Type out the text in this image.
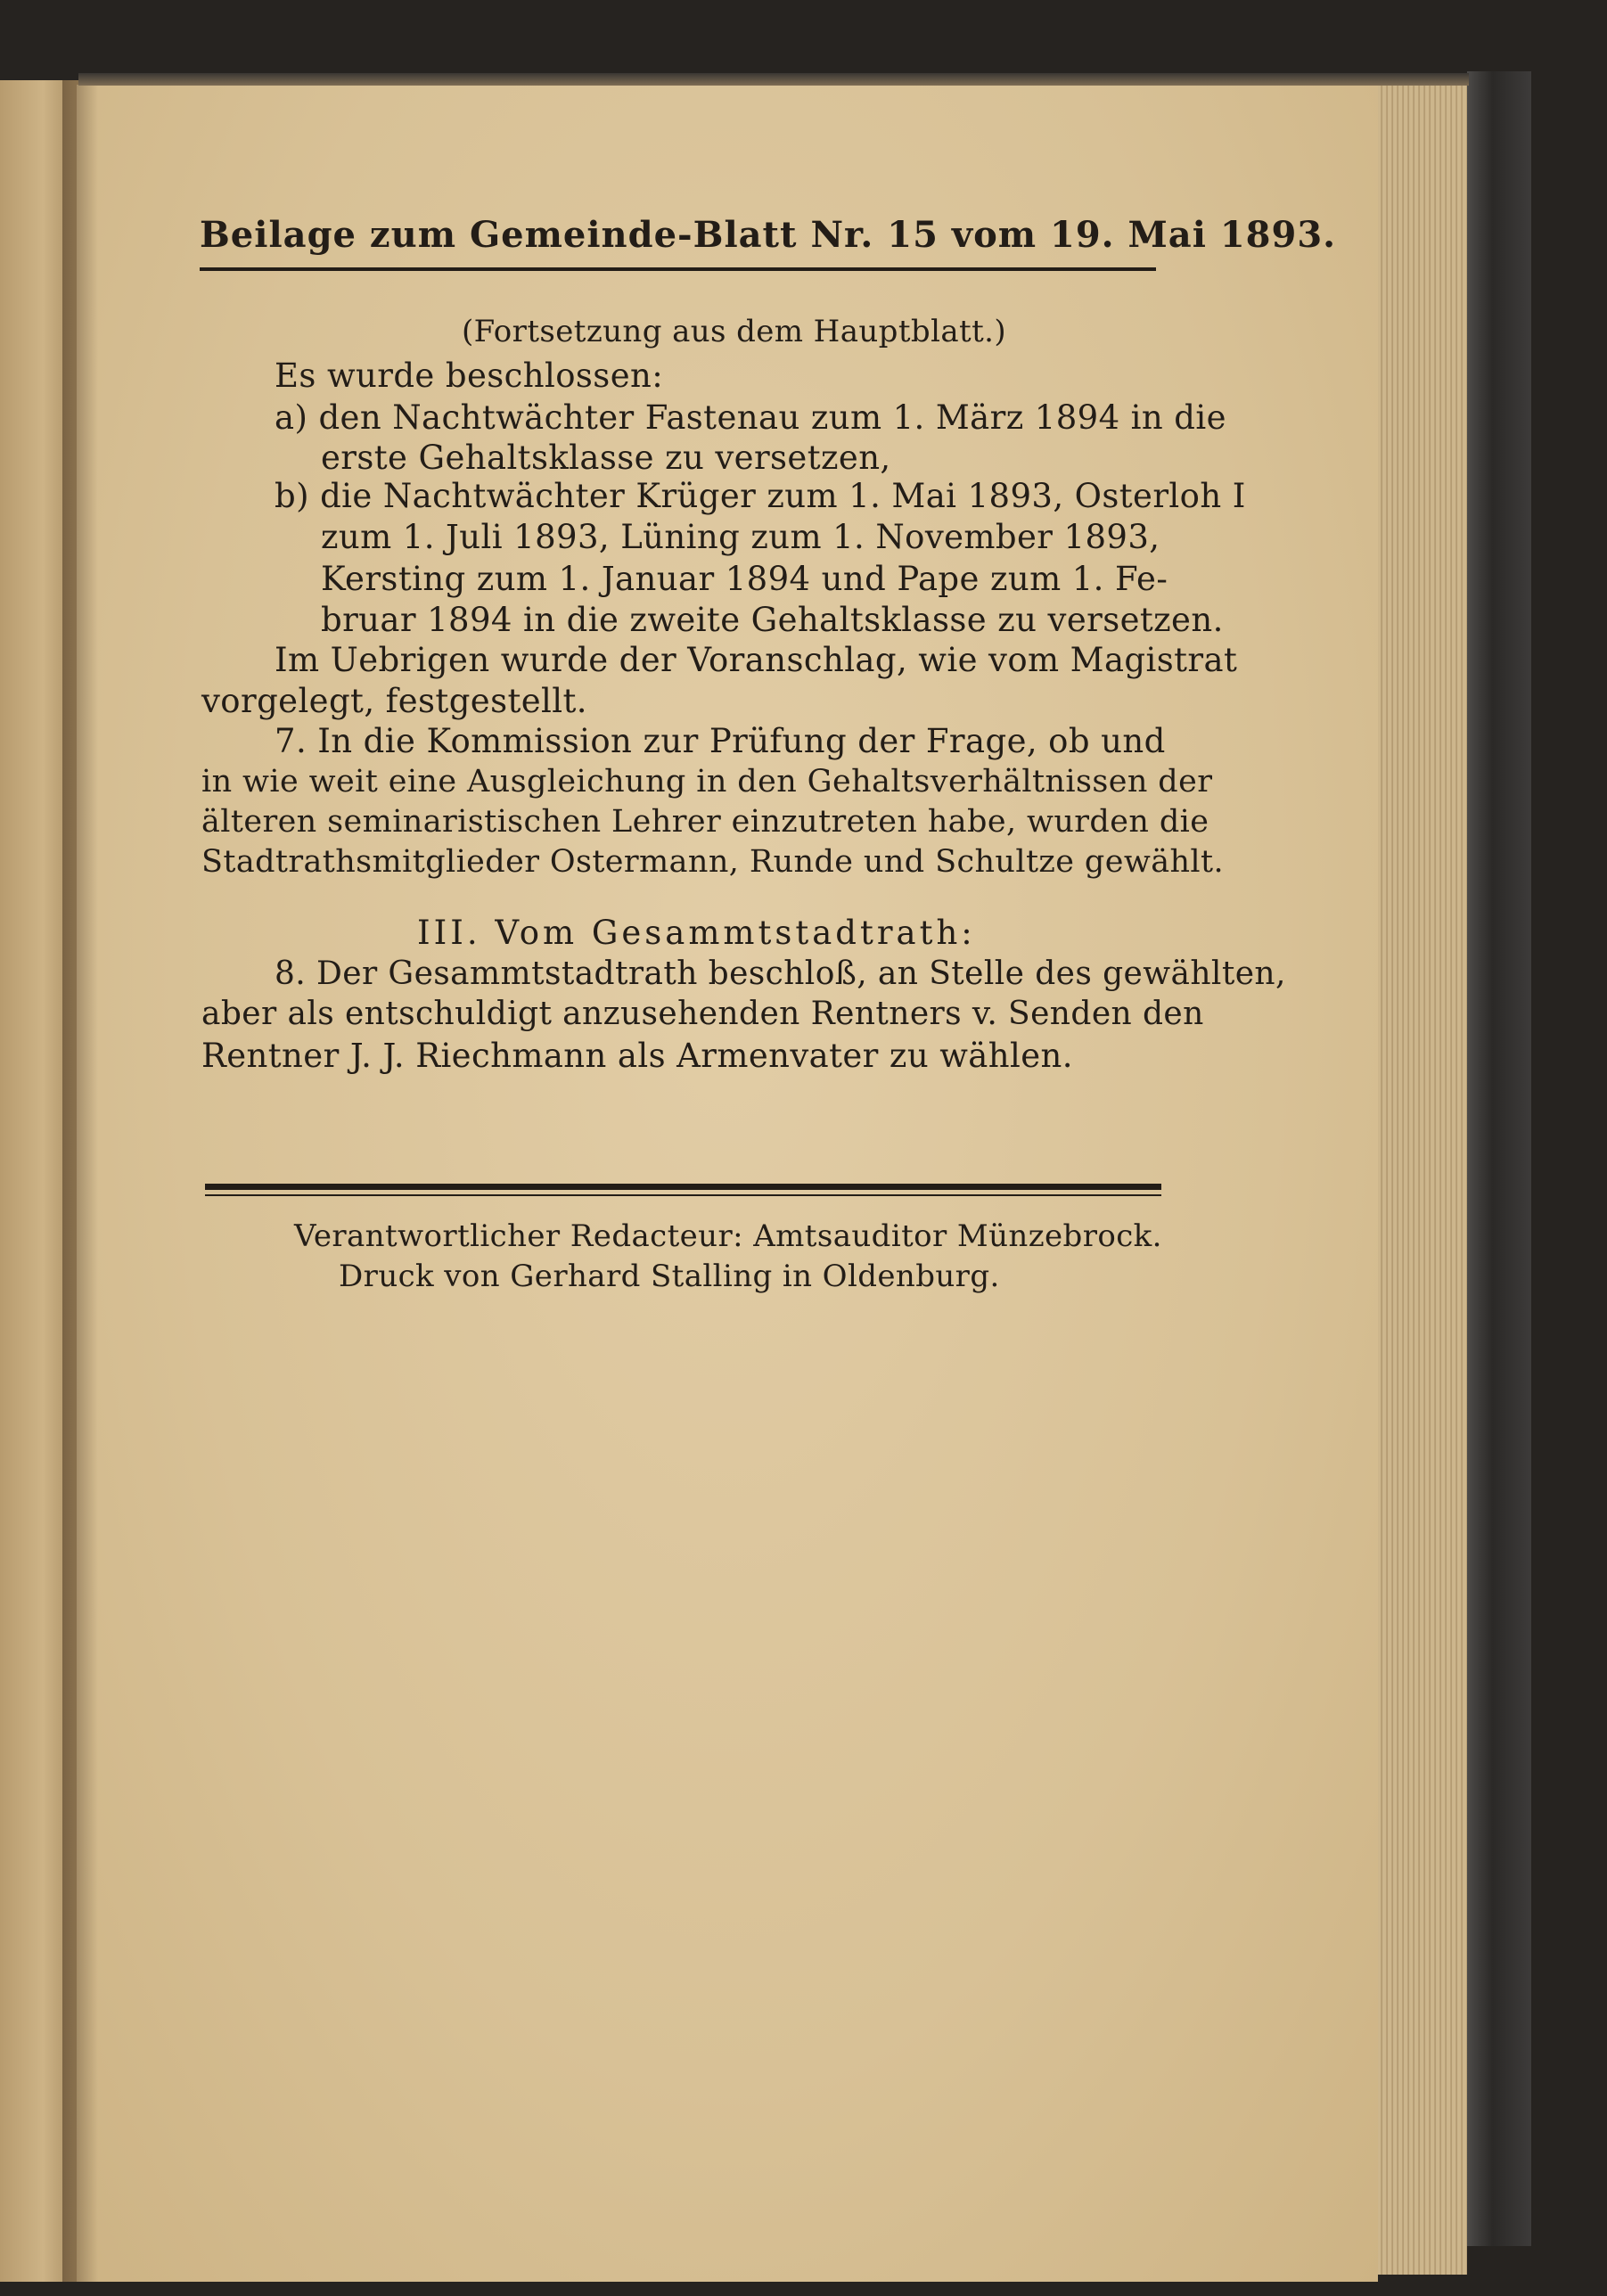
Beilage zum Gemeinde-Blatt Nr. 15 vom 19. Mai 1893.
(Fortsetzung aus dem Hauptblatt.)
Es wurde beschlossen:
a) den Nachtwächter Fastenau zum 1. März 1894 in die
erste Gehaltsklasse zu versetzen,
b) die Nachtwächter Krüger zum 1. Mai 1893, Osterloh I
zum 1. Juli 1893, Lüning zum 1. November 1893,
Kersting zum 1. Januar 1894 und Pape zum 1. Fe-
bruar 1894 in die zweite Gehaltsklasse zu versetzen.
Im Uebrigen wurde der Voranschlag, wie vom Magistrat
vorgelegt, festgestellt.
7. In die Kommission zur Prüfung der Frage, ob und
in wie weit eine Ausgleichung in den Gehaltsverhältnissen der
älteren seminaristischen Lehrer einzutreten habe, wurden die
Stadtrathsmitglieder Ostermann, Runde und Schultze gewählt.
III. Vom Gesammtstadtrath:
8. Der Gesammtstadtrath beschloß, an Stelle des gewählten,
aber als entschuldigt anzusehenden Rentners v. Senden den
Rentner J. J. Riechmann als Armenvater zu wählen.
Verantwortlicher Redacteur: Amtsauditor Münzebrock.
Druck von Gerhard Stalling in Oldenburg.
